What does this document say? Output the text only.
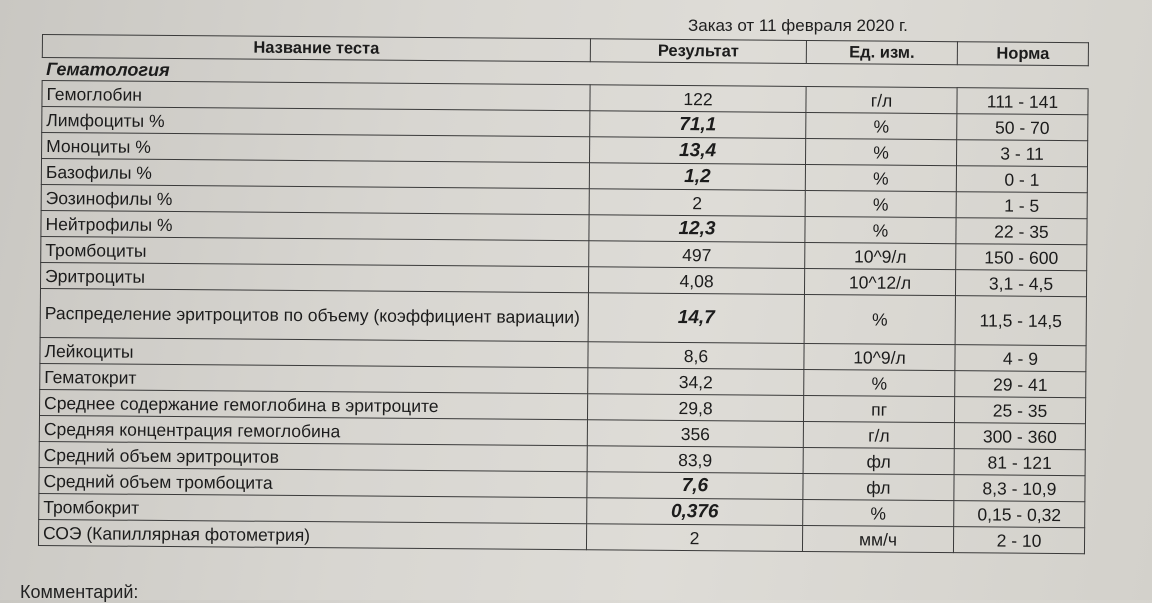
Заказ от 11 февраля 2020 г.
Название теста	Результат	Ед. изм.	Норма
Гематология			
Гемоглобин	122	г/л	111 - 141
Лимфоциты %	71,1	%	50 - 70
Моноциты %	13,4	%	3 - 11
Базофилы %	1,2	%	0 - 1
Эозинофилы %	2	%	1 - 5
Нейтрофилы %	12,3	%	22 - 35
Тромбоциты	497	10^9/л	150 - 600
Эритроциты	4,08	10^12/л	3,1 - 4,5
Распределение эритроцитов по объему (коэффициент вариации)	14,7	%	11,5 - 14,5
Лейкоциты	8,6	10^9/л	4 - 9
Гематокрит	34,2	%	29 - 41
Среднее содержание гемоглобина в эритроците	29,8	пг	25 - 35
Средняя концентрация гемоглобина	356	г/л	300 - 360
Средний объем эритроцитов	83,9	фл	81 - 121
Средний объем тромбоцита	7,6	фл	8,3 - 10,9
Тромбокрит	0,376	%	0,15 - 0,32
СОЭ (Капиллярная фотометрия)	2	мм/ч	2 - 10
Комментарий:
